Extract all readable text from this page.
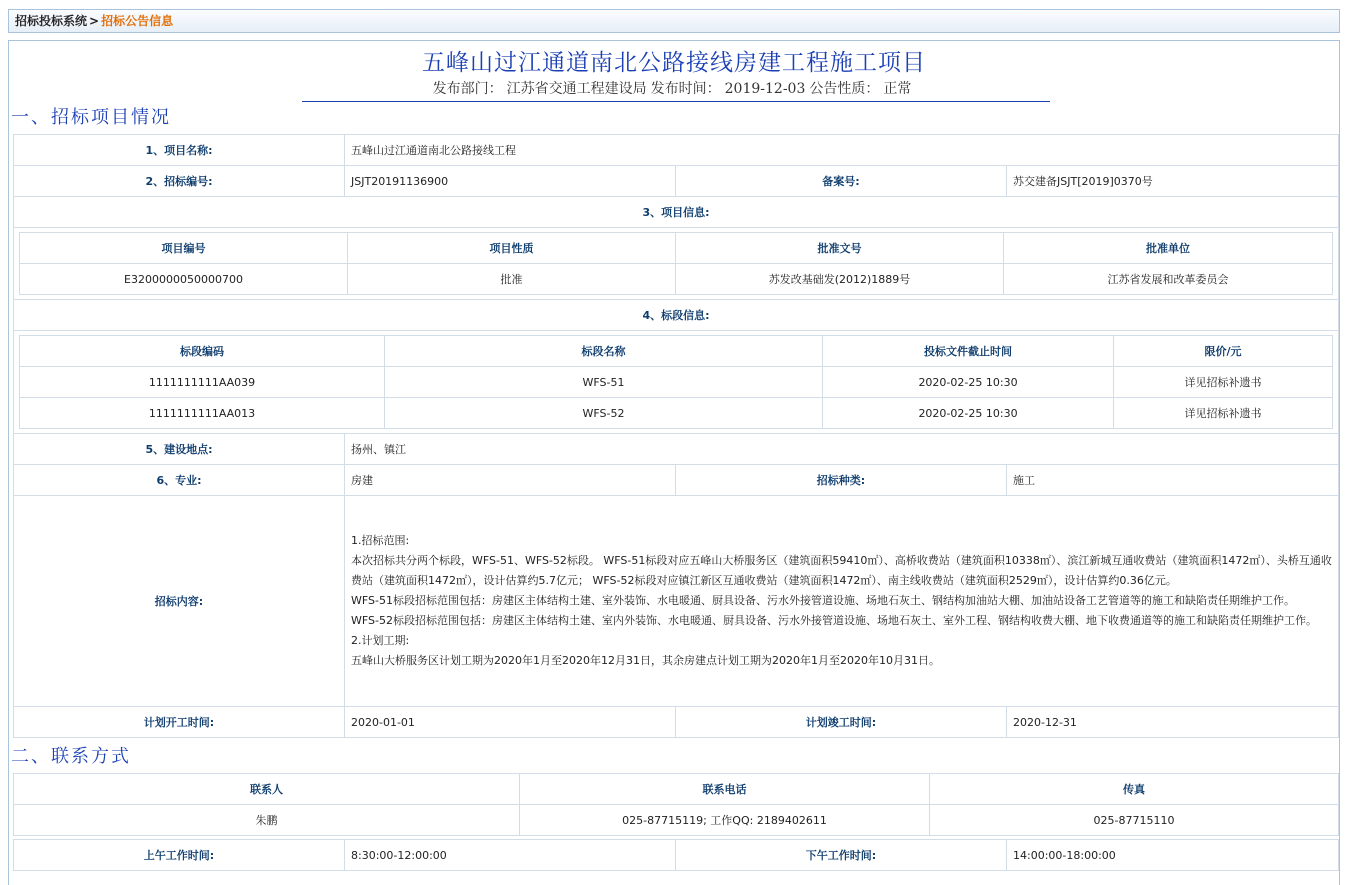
招标投标系统 > 招标公告信息
五峰山过江通道南北公路接线房建工程施工项目
发布部门： 江苏省交通工程建设局 发布时间： 2019-12-03 公告性质： 正常
一、招标项目情况
1、项目名称:	五峰山过江通道南北公路接线工程
2、招标编号:	JSJT20191136900	备案号:	苏交建备JSJT[2019]0370号
3、项目信息:

项目编号	项目性质	批准文号	批准单位
E3200000050000700	批准	苏发改基础发(2012)1889号	江苏省发展和改革委员会

4、标段信息:

标段编码	标段名称	投标文件截止时间	限价/元
1111111111AA039	WFS-51	2020-02-25 10:30	详见招标补遗书
1111111111AA013	WFS-52	2020-02-25 10:30	详见招标补遗书

5、建设地点:	扬州、镇江
6、专业:	房建	招标种类:	施工
招标内容:	
1.招标范围:
本次招标共分两个标段，WFS-51、WFS-52标段。 WFS-51标段对应五峰山大桥服务区（建筑面积59410㎡）、高桥收费站（建筑面积10338㎡）、滨江新城互通收费站（建筑面积1472㎡）、头桥互通收费站（建筑面积1472㎡），设计估算约5.7亿元； WFS-52标段对应镇江新区互通收费站（建筑面积1472㎡）、南主线收费站（建筑面积2529㎡），设计估算约0.36亿元。
WFS-51标段招标范围包括：房建区主体结构土建、室外装饰、水电暖通、厨具设备、污水外接管道设施、场地石灰土、钢结构加油站大棚、加油站设备工艺管道等的施工和缺陷责任期维护工作。
WFS-52标段招标范围包括：房建区主体结构土建、室内外装饰、水电暖通、厨具设备、污水外接管道设施、场地石灰土、室外工程、钢结构收费大棚、地下收费通道等的施工和缺陷责任期维护工作。
2.计划工期:
五峰山大桥服务区计划工期为2020年1月至2020年12月31日，其余房建点计划工期为2020年1月至2020年10月31日。

计划开工时间:	2020-01-01	计划竣工时间:	2020-12-31
二、联系方式
联系人	联系电话	传真
朱鹏	025-87715119; 工作QQ: 2189402611	025-87715110
上午工作时间:	8:30:00-12:00:00	下午工作时间:	14:00:00-18:00:00
